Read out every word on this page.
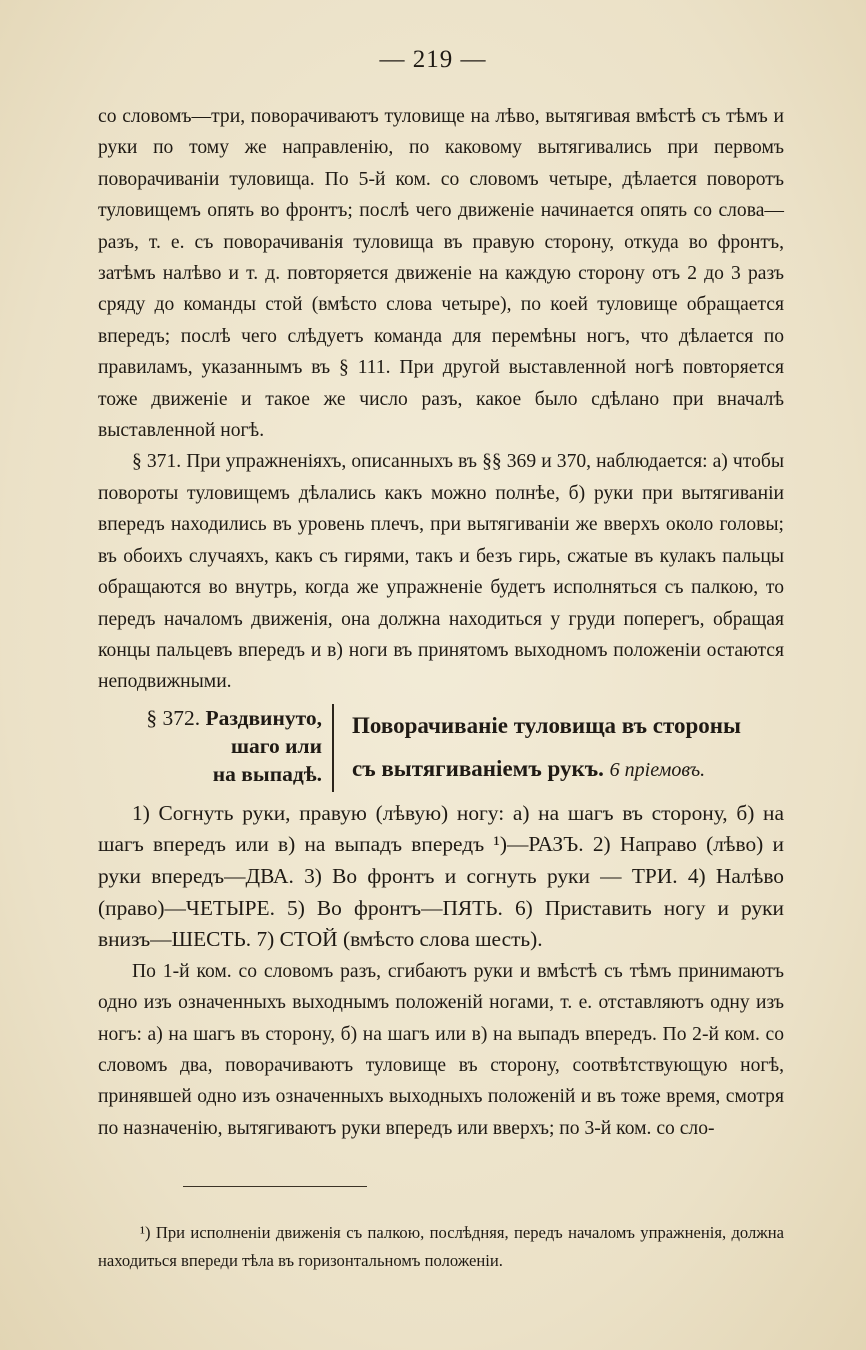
— 219 —

со словомъ—три, поворачиваютъ туловище на лѣво, вытягивая вмѣстѣ съ тѣмъ и руки по тому же направленію, по каковому вытягивались при первомъ поворачиваніи туловища. По 5-й ком. со словомъ четыре, дѣлается поворотъ туловищемъ опять во фронтъ; послѣ чего движеніе начинается опять со слова—разъ, т. е. съ поворачиванія туловища въ правую сторону, откуда во фронтъ, затѣмъ налѣво и т. д. повторяется движеніе на каждую сторону отъ 2 до 3 разъ сряду до команды стой (вмѣсто слова четыре), по коей туловище обращается впередъ; послѣ чего слѣдуетъ команда для перемѣны ногъ, что дѣлается по правиламъ, указаннымъ въ § 111. При другой выставленной ногѣ повторяется тоже движеніе и такое же число разъ, какое было сдѣлано при вначалѣ выставленной ногѣ.

§ 371. При упражненіяхъ, описанныхъ въ §§ 369 и 370, наблюдается: а) чтобы повороты туловищемъ дѣлались какъ можно полнѣе, б) руки при вытягиваніи впередъ находились въ уровень плечъ, при вытягиваніи же вверхъ около головы; въ обоихъ случаяхъ, какъ съ гирями, такъ и безъ гирь, сжатые въ кулакъ пальцы обращаются во внутрь, когда же упражненіе будетъ исполняться съ палкою, то передъ началомъ движенія, она должна находиться у груди поперегъ, обращая концы пальцевъ впередъ и в) ноги въ принятомъ выходномъ положеніи остаются неподвижными.

§ 372. Раздвинуто,
шаго или
на выпадѣ.
Поворачиваніе туловища въ стороны
съ вытягиваніемъ рукъ. 6 пріемовъ.

1) Согнуть руки, правую (лѣвую) ногу: а) на шагъ въ сторону, б) на шагъ впередъ или в) на выпадъ впередъ ¹)—РАЗЪ. 2) Направо (лѣво) и руки впередъ—ДВА. 3) Во фронтъ и согнуть руки — ТРИ. 4) Налѣво (право)—ЧЕТЫРЕ. 5) Во фронтъ—ПЯТЬ. 6) Приставить ногу и руки внизъ—ШЕСТЬ. 7) СТОЙ (вмѣсто слова шесть).

По 1-й ком. со словомъ разъ, сгибаютъ руки и вмѣстѣ съ тѣмъ принимаютъ одно изъ означенныхъ выходнымъ положеній ногами, т. е. отставляютъ одну изъ ногъ: а) на шагъ въ сторону, б) на шагъ или в) на выпадъ впередъ. По 2-й ком. со словомъ два, поворачиваютъ туловище въ сторону, соотвѣтствующую ногѣ, принявшей одно изъ означенныхъ выходныхъ положеній и въ тоже время, смотря по назначенію, вытягиваютъ руки впередъ или вверхъ; по 3-й ком. со сло-

¹) При исполненіи движенія съ палкою, послѣдняя, передъ началомъ упражненія, должна находиться впереди тѣла въ горизонтальномъ положеніи.
